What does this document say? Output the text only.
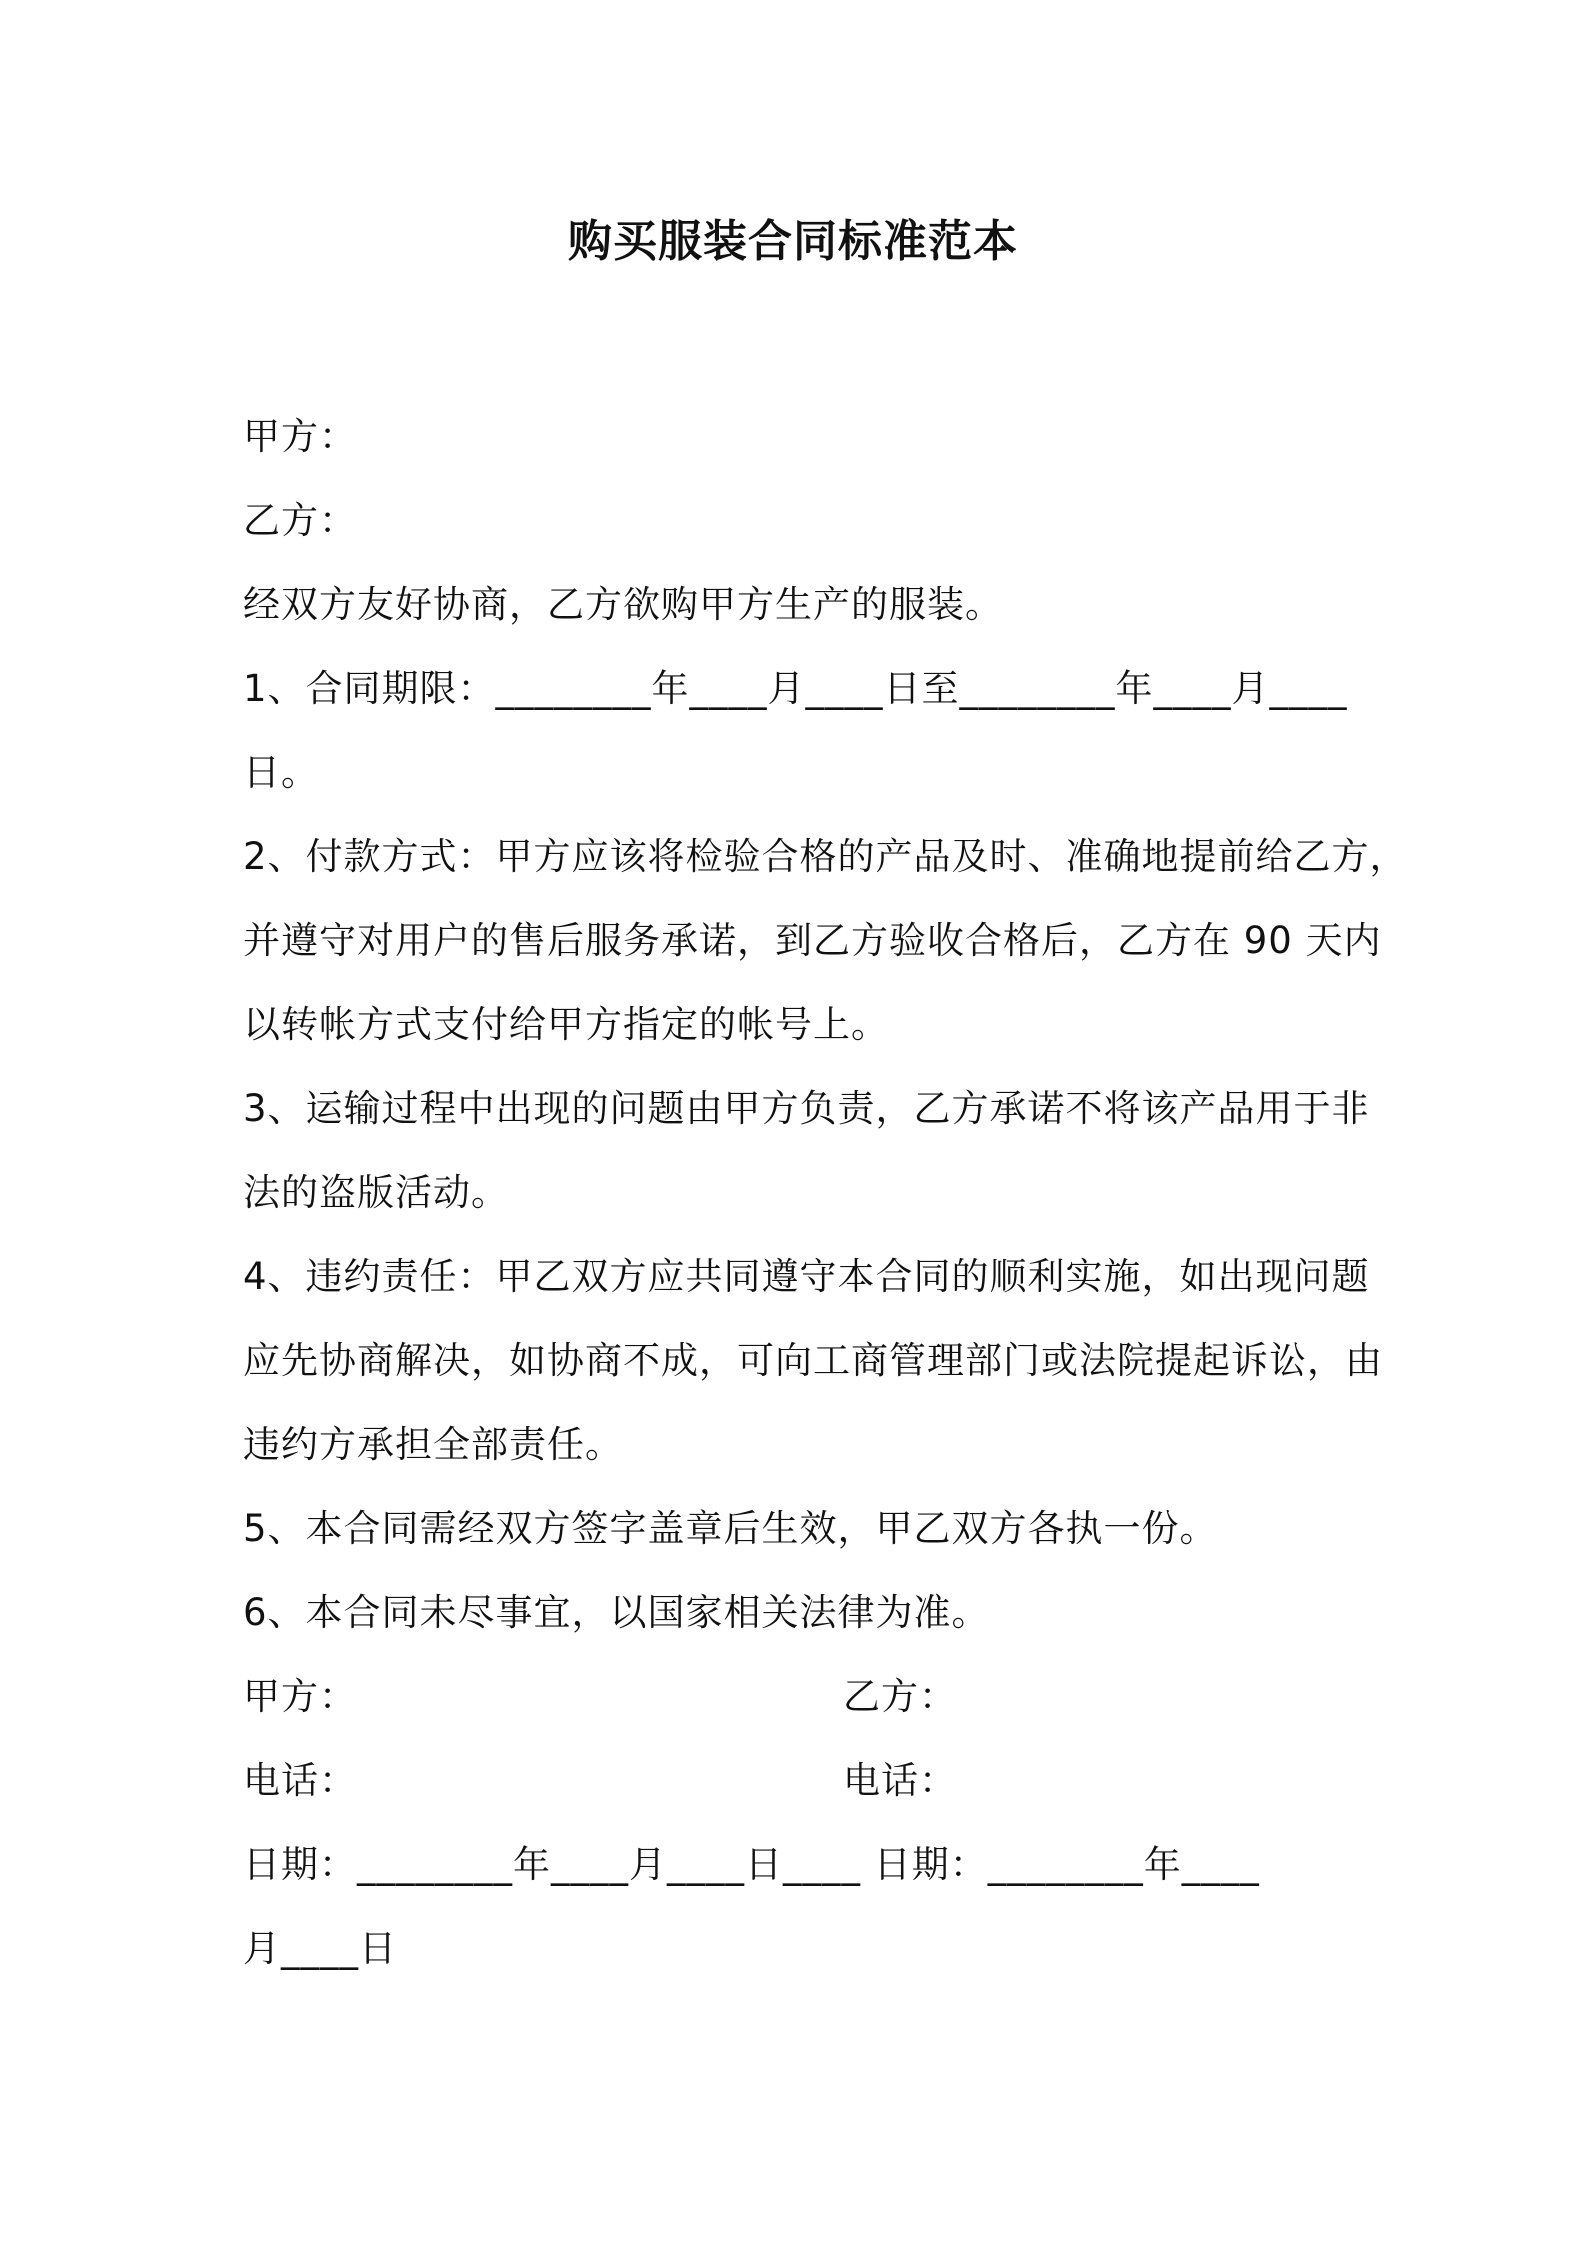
购买服装合同标准范本
甲方：
乙方：
经双方友好协商，乙方欲购甲方生产的服装。
1、合同期限：________年____月____日至________年____月____
日。
2、付款方式：甲方应该将检验合格的产品及时、准确地提前给乙方，
并遵守对用户的售后服务承诺，到乙方验收合格后，乙方在 90 天内
以转帐方式支付给甲方指定的帐号上。
3、运输过程中出现的问题由甲方负责，乙方承诺不将该产品用于非
法的盗版活动。
4、违约责任：甲乙双方应共同遵守本合同的顺利实施，如出现问题
应先协商解决，如协商不成，可向工商管理部门或法院提起诉讼，由
违约方承担全部责任。
5、本合同需经双方签字盖章后生效，甲乙双方各执一份。
6、本合同未尽事宜，以国家相关法律为准。
甲方：	乙方：
电话：	电话：
日期：________年____月____日____ 日期：________年____
月____日
